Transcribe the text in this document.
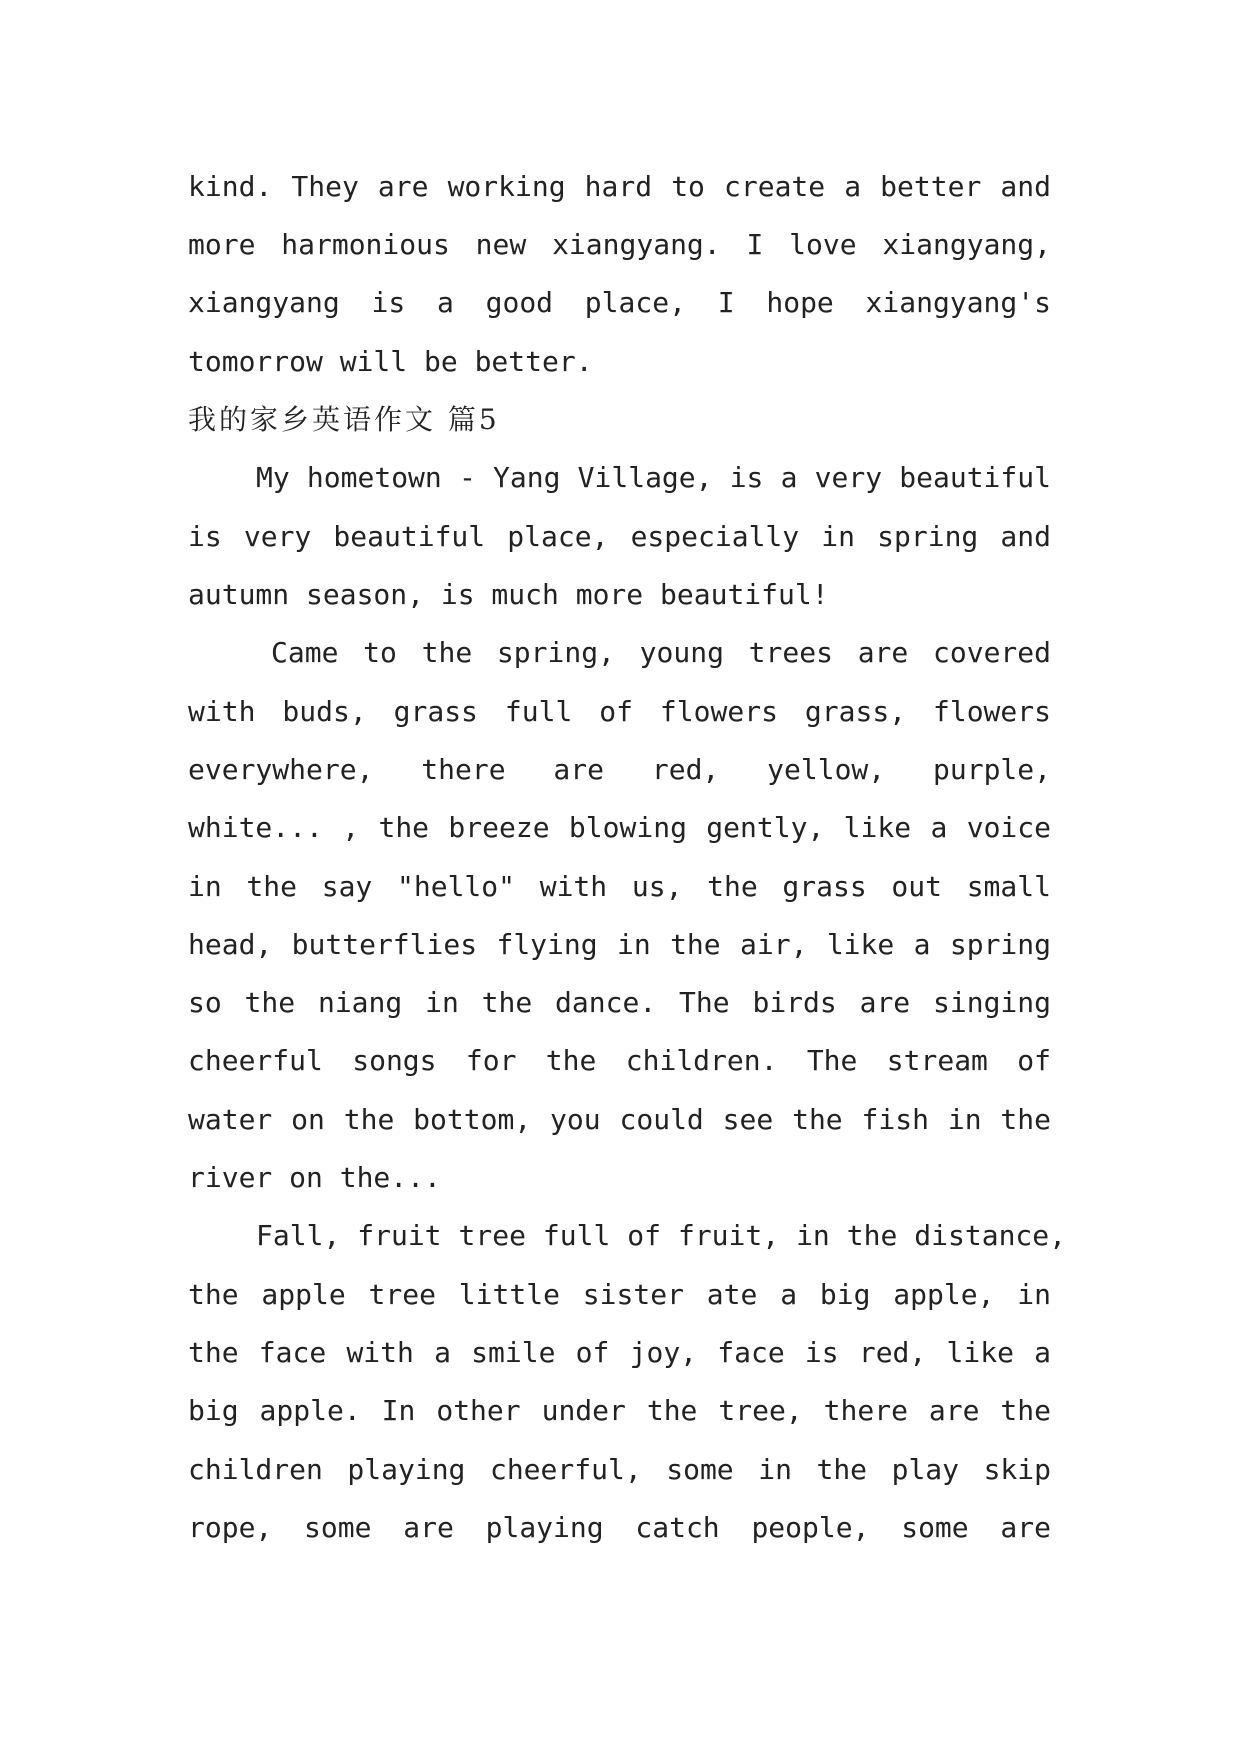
kind. They are working hard to create a better and
more harmonious new xiangyang. I love xiangyang,
xiangyang is a good place, I hope xiangyang's
tomorrow will be better.
我的家乡英语作文 篇5
My hometown - Yang Village, is a very beautiful
is very beautiful place, especially in spring and
autumn season, is much more beautiful!
Came to the spring, young trees are covered
with buds, grass full of flowers grass, flowers
everywhere, there are red, yellow, purple,
white... , the breeze blowing gently, like a voice
in the say "hello" with us, the grass out small
head, butterflies flying in the air, like a spring
so the niang in the dance. The birds are singing
cheerful songs for the children. The stream of
water on the bottom, you could see the fish in the
river on the...
Fall, fruit tree full of fruit, in the distance,
the apple tree little sister ate a big apple, in
the face with a smile of joy, face is red, like a
big apple. In other under the tree, there are the
children playing cheerful, some in the play skip
rope, some are playing catch people, some are
